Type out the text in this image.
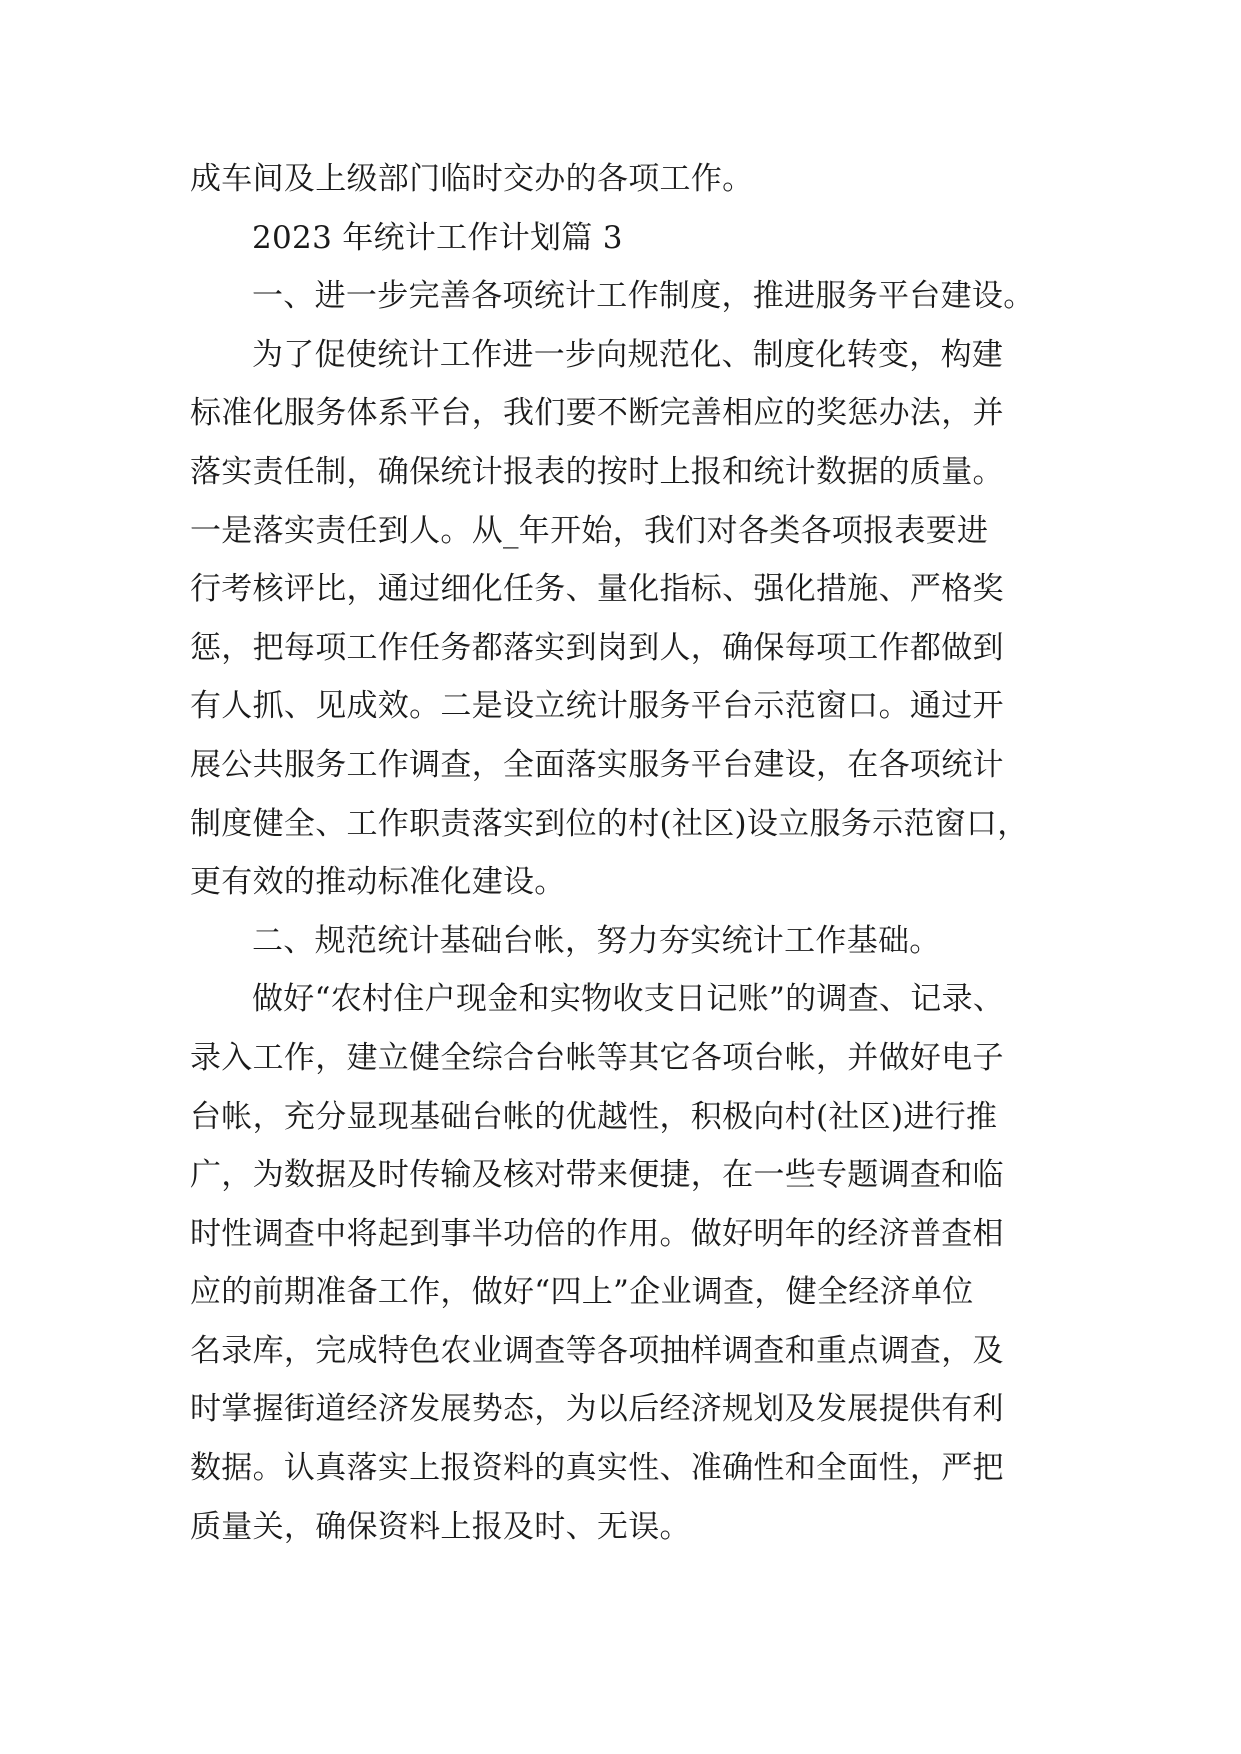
成车间及上级部门临时交办的各项工作。
2023 年统计工作计划篇 3
一、进一步完善各项统计工作制度，推进服务平台建设。
为了促使统计工作进一步向规范化、制度化转变，构建
标准化服务体系平台，我们要不断完善相应的奖惩办法，并
落实责任制，确保统计报表的按时上报和统计数据的质量。
一是落实责任到人。从_年开始，我们对各类各项报表要进
行考核评比，通过细化任务、量化指标、强化措施、严格奖
惩，把每项工作任务都落实到岗到人，确保每项工作都做到
有人抓、见成效。二是设立统计服务平台示范窗口。通过开
展公共服务工作调查，全面落实服务平台建设，在各项统计
制度健全、工作职责落实到位的村(社区)设立服务示范窗口，
更有效的推动标准化建设。
二、规范统计基础台帐，努力夯实统计工作基础。
做好“农村住户现金和实物收支日记账”的调查、记录、
录入工作，建立健全综合台帐等其它各项台帐，并做好电子
台帐，充分显现基础台帐的优越性，积极向村(社区)进行推
广，为数据及时传输及核对带来便捷，在一些专题调查和临
时性调查中将起到事半功倍的作用。做好明年的经济普查相
应的前期准备工作，做好“四上”企业调查，健全经济单位
名录库，完成特色农业调查等各项抽样调查和重点调查，及
时掌握街道经济发展势态，为以后经济规划及发展提供有利
数据。认真落实上报资料的真实性、准确性和全面性，严把
质量关，确保资料上报及时、无误。
